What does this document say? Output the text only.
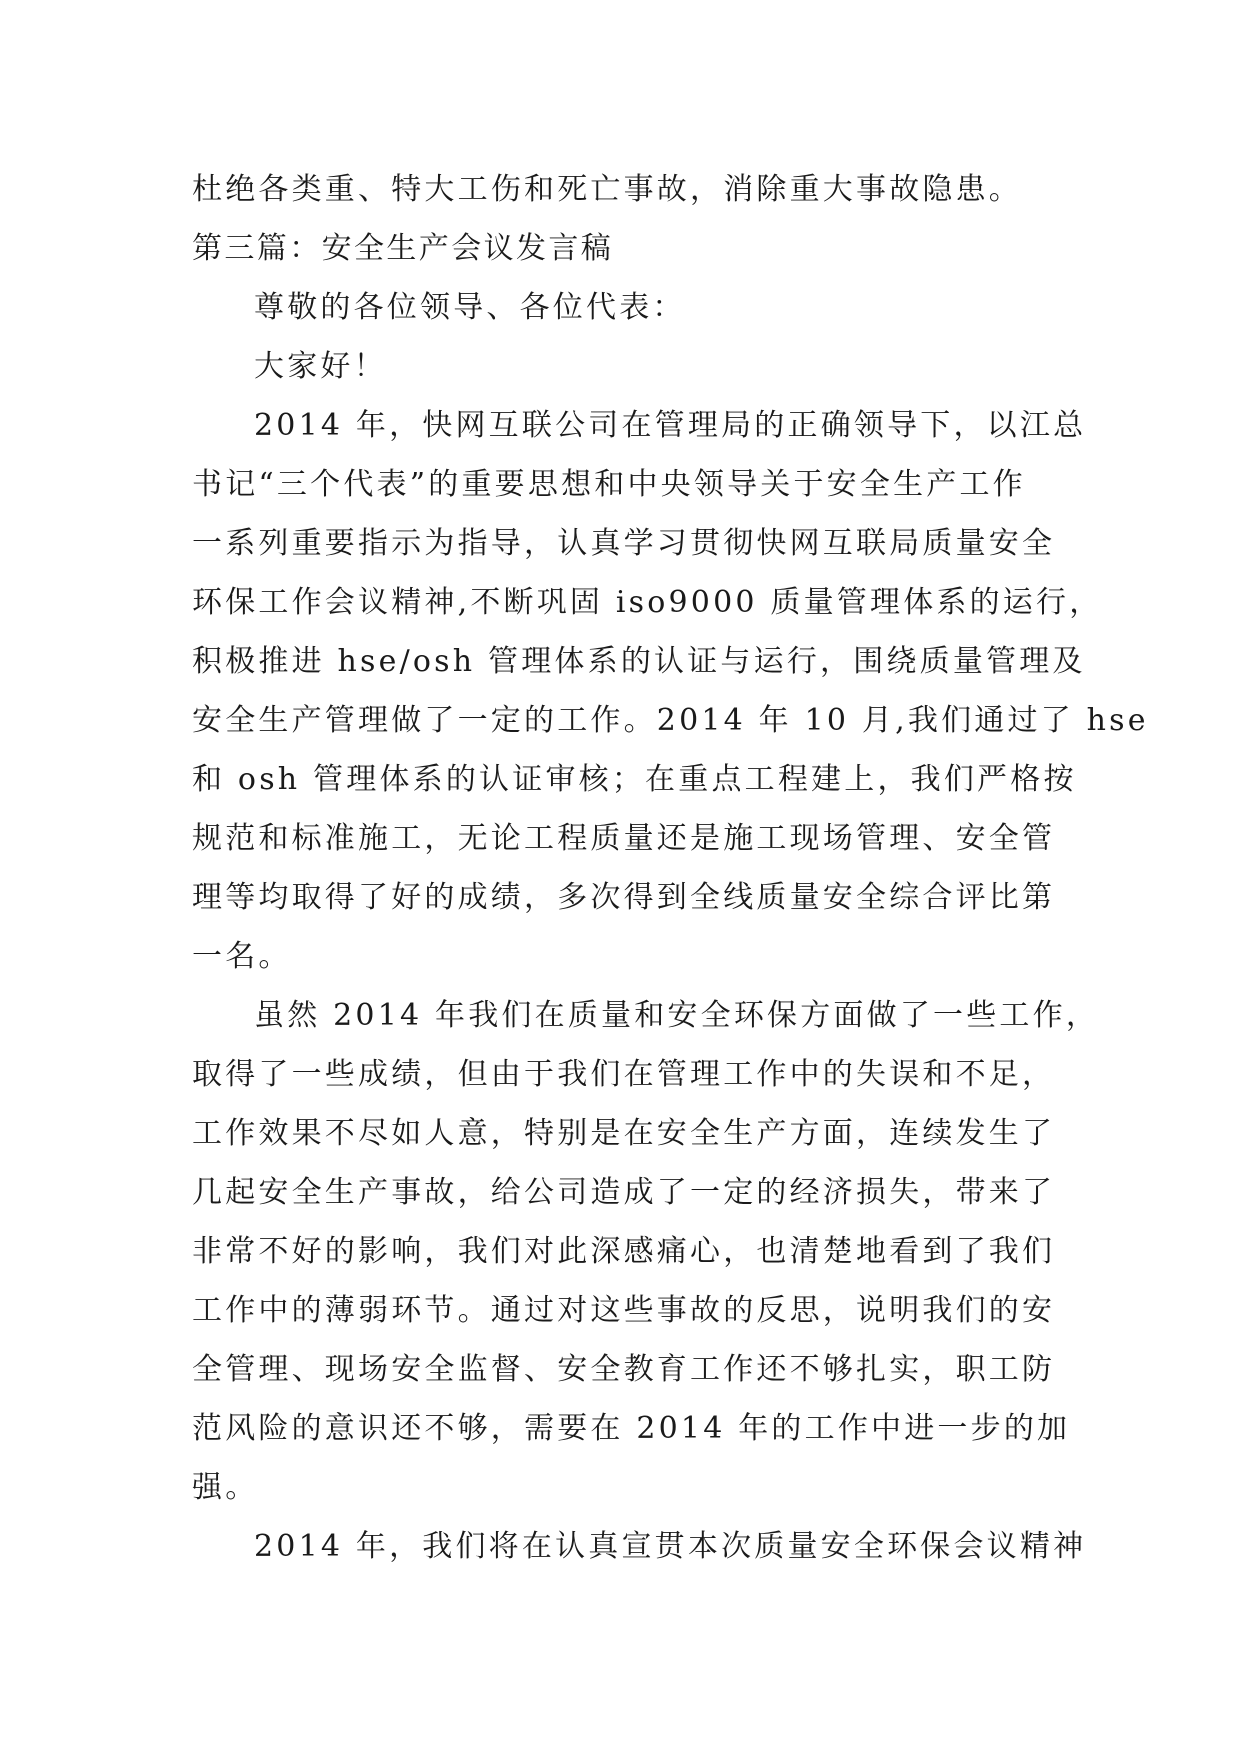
杜绝各类重、特大工伤和死亡事故，消除重大事故隐患。
第三篇：安全生产会议发言稿
尊敬的各位领导、各位代表：
大家好！
2014 年，快网互联公司在管理局的正确领导下，以江总
书记“三个代表”的重要思想和中央领导关于安全生产工作
一系列重要指示为指导，认真学习贯彻快网互联局质量安全
环保工作会议精神,不断巩固 iso9000 质量管理体系的运行，
积极推进 hse/osh 管理体系的认证与运行，围绕质量管理及
安全生产管理做了一定的工作。2014 年 10 月,我们通过了 hse
和 osh 管理体系的认证审核；在重点工程建上，我们严格按
规范和标准施工，无论工程质量还是施工现场管理、安全管
理等均取得了好的成绩，多次得到全线质量安全综合评比第
一名。
虽然 2014 年我们在质量和安全环保方面做了一些工作，
取得了一些成绩，但由于我们在管理工作中的失误和不足，
工作效果不尽如人意，特别是在安全生产方面，连续发生了
几起安全生产事故，给公司造成了一定的经济损失，带来了
非常不好的影响，我们对此深感痛心，也清楚地看到了我们
工作中的薄弱环节。通过对这些事故的反思，说明我们的安
全管理、现场安全监督、安全教育工作还不够扎实，职工防
范风险的意识还不够，需要在 2014 年的工作中进一步的加
强。
2014 年，我们将在认真宣贯本次质量安全环保会议精神
